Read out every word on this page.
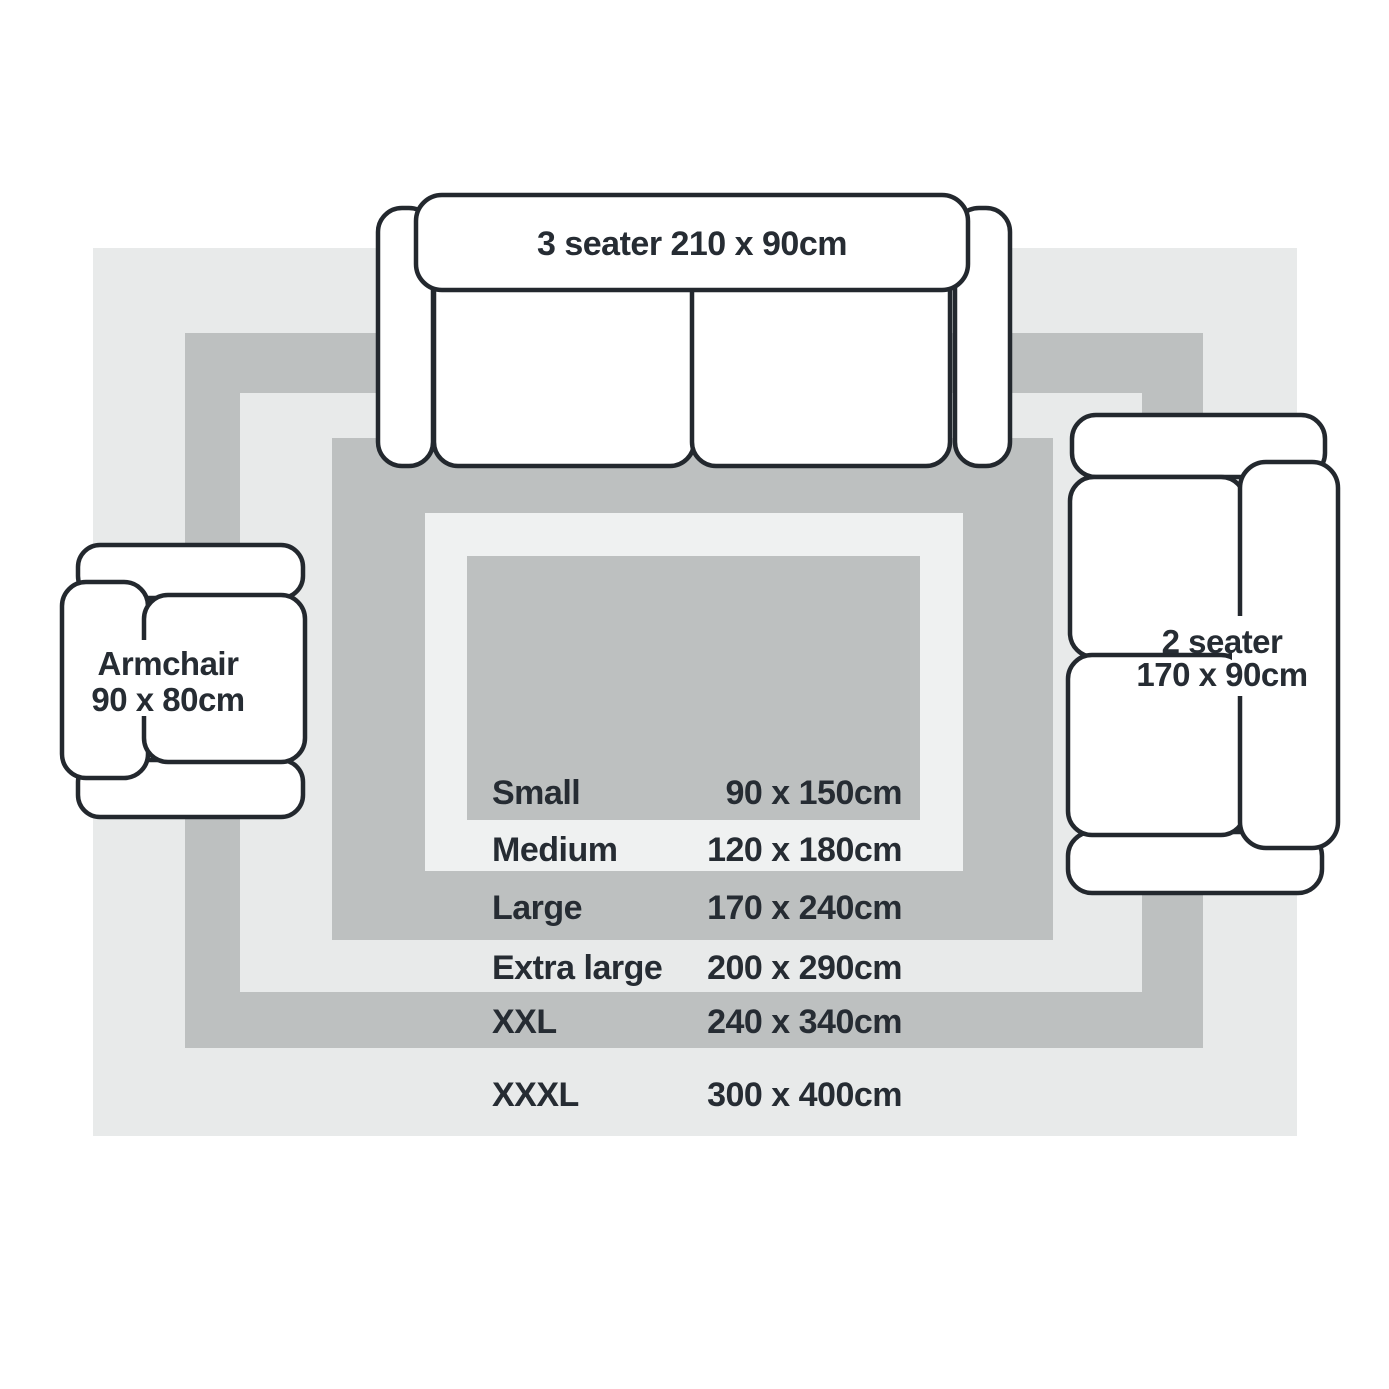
Small	90 x 150cm
Medium	120 x 180cm
Large	170 x 240cm
Extra large 200 x 290cm
XXL	240 x 340cm
XXXL	300 x 400cm
3 seater 210 x 90cm
Armchair
90 x 80cm
2 seater
170 x 90cm
